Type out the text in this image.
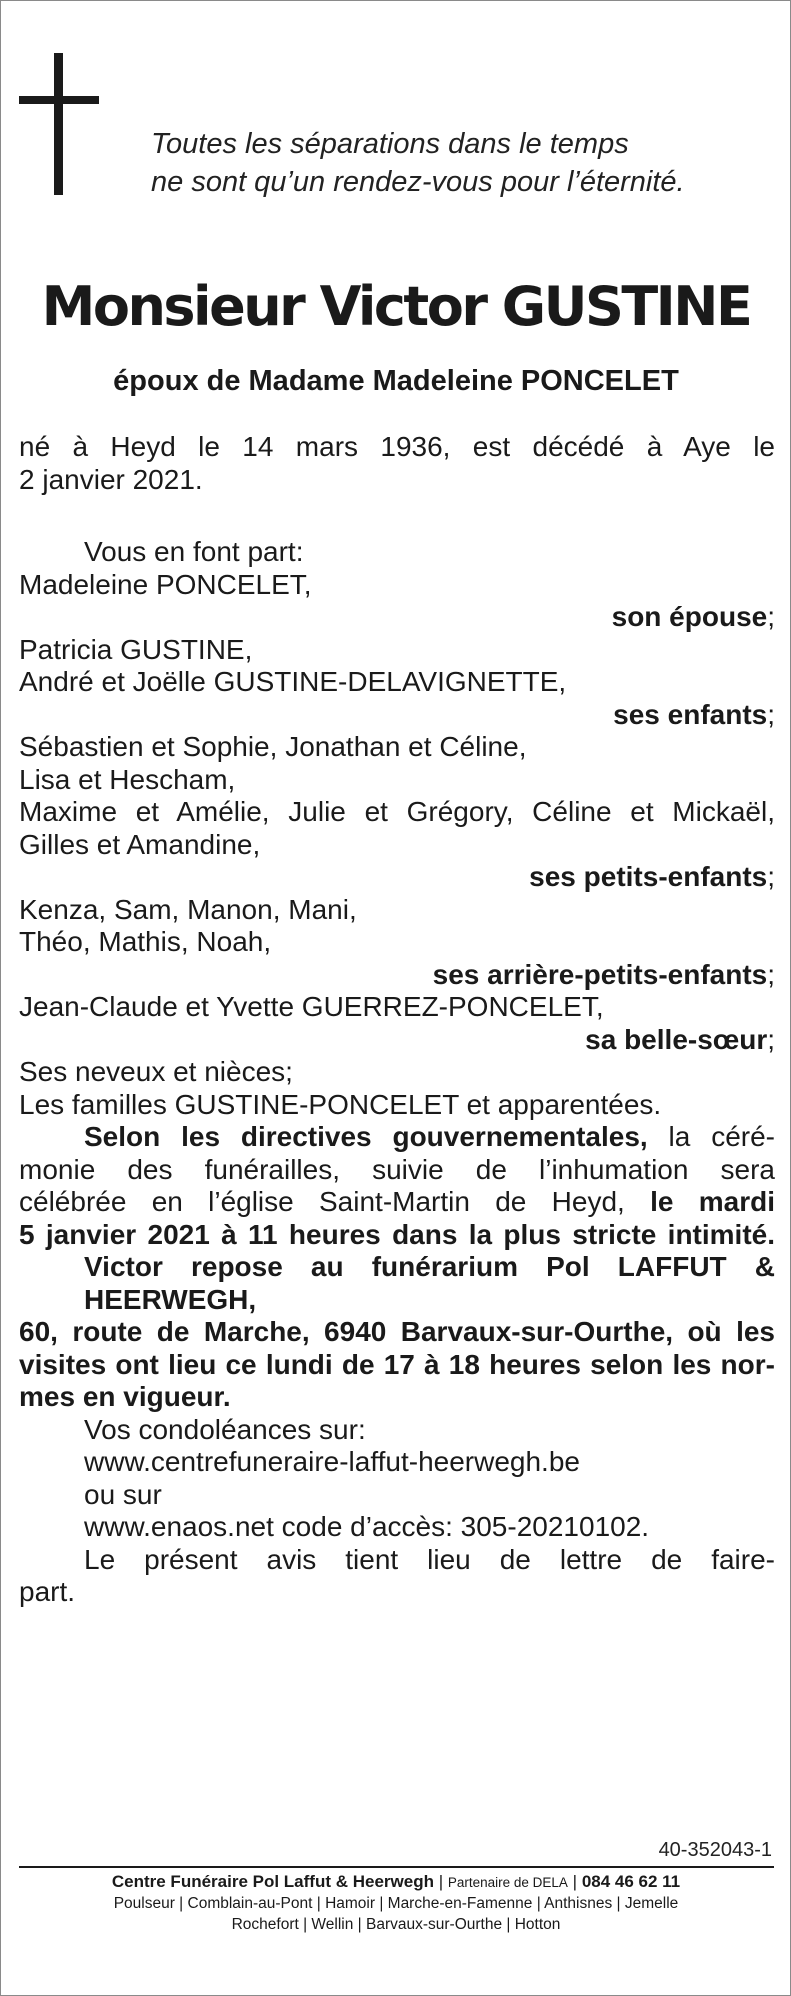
Toutes les séparations dans le temps
ne sont qu’un rendez-vous pour l’éternité.
Monsieur Victor GUSTINE
époux de Madame Madeleine PONCELET

né à Heyd le 14 mars 1936, est décédé à Aye le

2 janvier 2021.

Vous en font part:

Madeleine PONCELET,

son épouse;

Patricia GUSTINE,

André et Joëlle GUSTINE-DELAVIGNETTE,

ses enfants;

Sébastien et Sophie, Jonathan et Céline,

Lisa et Hescham,

Maxime et Amélie, Julie et Grégory, Céline et Mickaël,

Gilles et Amandine,

ses petits-enfants;

Kenza, Sam, Manon, Mani,

Théo, Mathis, Noah,

ses arrière-petits-enfants;

Jean-Claude et Yvette GUERREZ-PONCELET,

sa belle-sœur;

Ses neveux et nièces;

Les familles GUSTINE-PONCELET et apparentées.

Selon les directives gouvernementales, la céré-

monie des funérailles, suivie de l’inhumation sera

célébrée en l’église Saint-Martin de Heyd, le mardi

5 janvier 2021 à 11 heures dans la plus stricte intimité.

Victor repose au funérarium Pol LAFFUT & HEERWEGH,

60, route de Marche, 6940 Barvaux-sur-Ourthe, où les

visites ont lieu ce lundi de 17 à 18 heures selon les nor-

mes en vigueur.

Vos condoléances sur:

www.centrefuneraire-laffut-heerwegh.be

ou sur

www.enaos.net code d’accès: 305-20210102.

Le présent avis tient lieu de lettre de faire-

part.

40-352043-1
Centre Funéraire Pol Laffut & Heerwegh | Partenaire de DELA | 084 46 62 11
Poulseur | Comblain-au-Pont | Hamoir | Marche-en-Famenne | Anthisnes | Jemelle
Rochefort | Wellin | Barvaux-sur-Ourthe | Hotton
